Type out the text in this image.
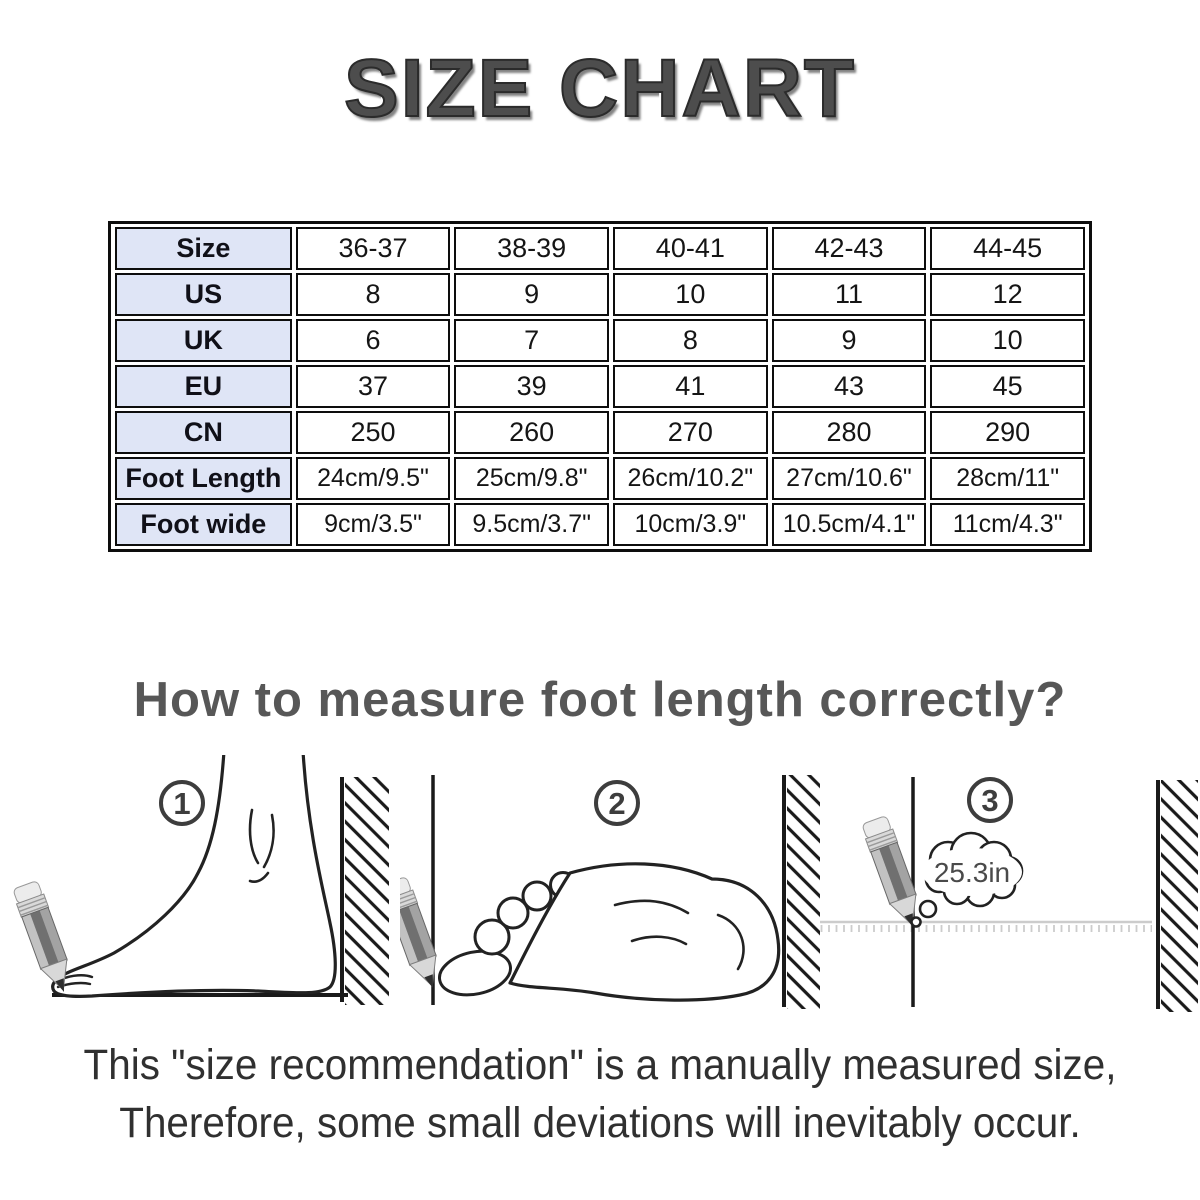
SIZE CHART
Size	36-37	38-39	40-41	42-43	44-45
US	8	9	10	11	12
UK	6	7	8	9	10
EU	37	39	41	43	45
CN	250	260	270	280	290
Foot Length	24cm/9.5"	25cm/9.8"	26cm/10.2"	27cm/10.6"	28cm/11"
Foot wide	9cm/3.5"	9.5cm/3.7"	10cm/3.9"	10.5cm/4.1"	11cm/4.3"
How to measure foot length correctly?
1	2
25.3in
3
This "size recommendation" is a manually measured size,
Therefore, some small deviations will inevitably occur.
